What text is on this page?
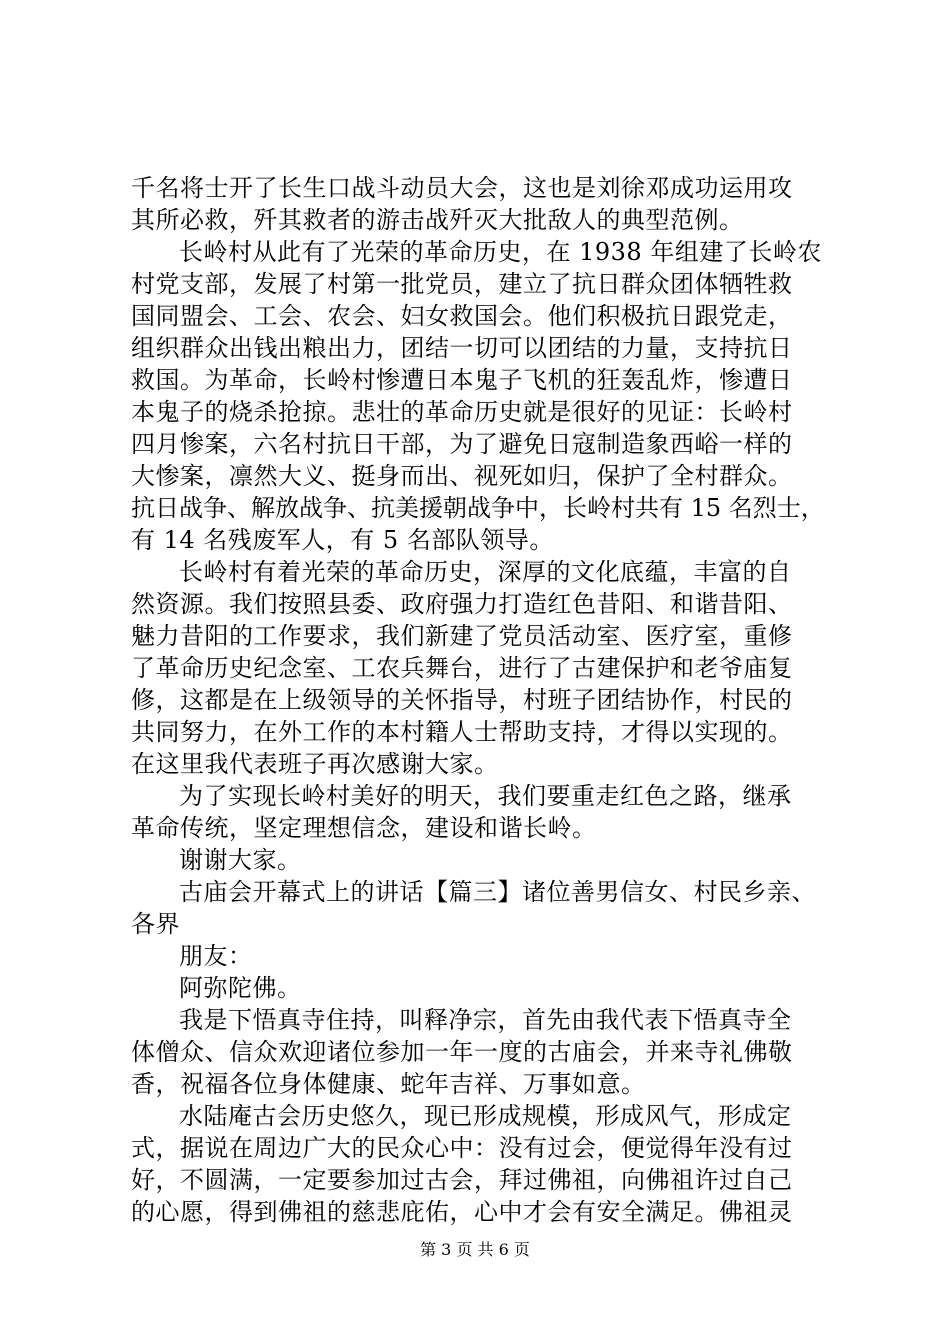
千名将士开了长生口战斗动员大会，这也是刘徐邓成功运用攻
其所必救，歼其救者的游击战歼灭大批敌人的典型范例。
长岭村从此有了光荣的革命历史，在 1938 年组建了长岭农
村党支部，发展了村第一批党员，建立了抗日群众团体牺牲救
国同盟会、工会、农会、妇女救国会。他们积极抗日跟党走，
组织群众出钱出粮出力，团结一切可以团结的力量，支持抗日
救国。为革命，长岭村惨遭日本鬼子飞机的狂轰乱炸，惨遭日
本鬼子的烧杀抢掠。悲壮的革命历史就是很好的见证：长岭村
四月惨案，六名村抗日干部，为了避免日寇制造象西峪一样的
大惨案，凛然大义、挺身而出、视死如归，保护了全村群众。
抗日战争、解放战争、抗美援朝战争中，长岭村共有 15 名烈士，
有 14 名残废军人，有 5 名部队领导。
长岭村有着光荣的革命历史，深厚的文化底蕴，丰富的自
然资源。我们按照县委、政府强力打造红色昔阳、和谐昔阳、
魅力昔阳的工作要求，我们新建了党员活动室、医疗室，重修
了革命历史纪念室、工农兵舞台，进行了古建保护和老爷庙复
修，这都是在上级领导的关怀指导，村班子团结协作，村民的
共同努力，在外工作的本村籍人士帮助支持，才得以实现的。
在这里我代表班子再次感谢大家。
为了实现长岭村美好的明天，我们要重走红色之路，继承
革命传统，坚定理想信念，建设和谐长岭。
谢谢大家。
古庙会开幕式上的讲话【篇三】诸位善男信女、村民乡亲、
各界
朋友：
阿弥陀佛。
我是下悟真寺住持，叫释净宗，首先由我代表下悟真寺全
体僧众、信众欢迎诸位参加一年一度的古庙会，并来寺礼佛敬
香，祝福各位身体健康、蛇年吉祥、万事如意。
水陆庵古会历史悠久，现已形成规模，形成风气，形成定
式，据说在周边广大的民众心中：没有过会，便觉得年没有过
好，不圆满，一定要参加过古会，拜过佛祖，向佛祖许过自己
的心愿，得到佛祖的慈悲庇佑，心中才会有安全满足。佛祖灵
第 3 页 共 6 页
